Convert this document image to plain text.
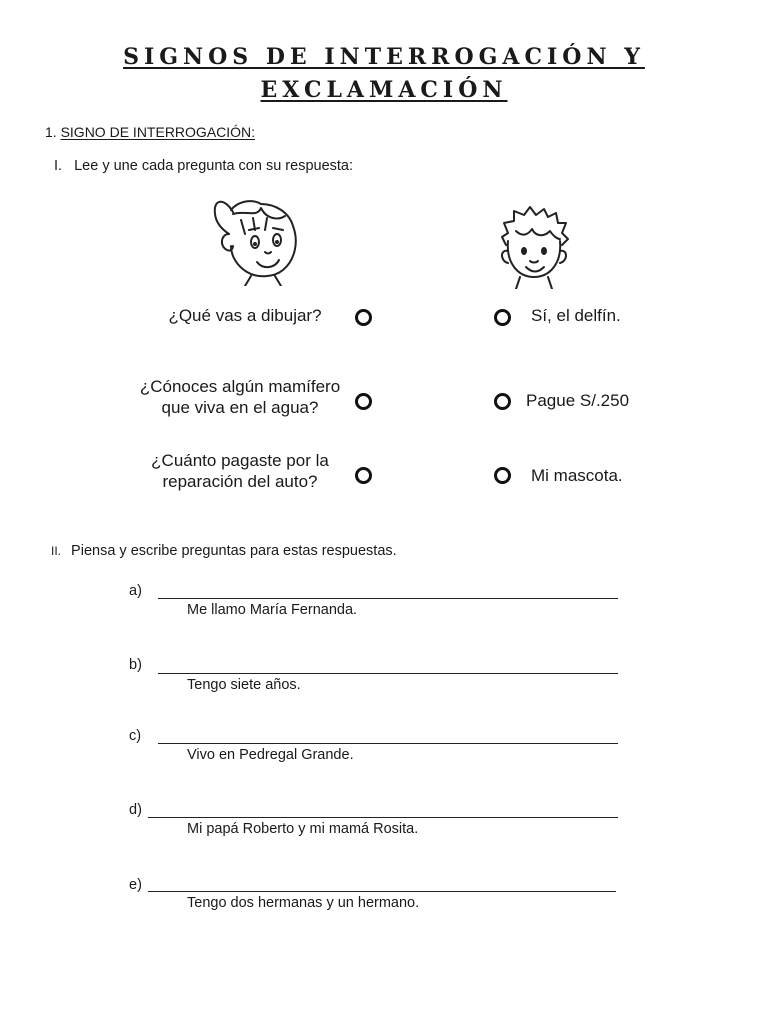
SIGNOS DE INTERROGACIÓN Y
EXCLAMACIÓN
1. SIGNO DE INTERROGACIÓN:
I. Lee y une cada pregunta con su respuesta:
¿Qué vas a dibujar?
¿Cónoces algún mamífero
que viva en el agua?
¿Cuánto pagaste por la
reparación del auto?
Sí, el delfín.
Pague S/.250
Mi mascota.
II. Piensa y escribe preguntas para estas respuestas.
a)
Me llamo María Fernanda.
b)
Tengo siete años.
c)
Vivo en Pedregal Grande.
d)
Mi papá Roberto y mi mamá Rosita.
e)
Tengo dos hermanas y un hermano.
